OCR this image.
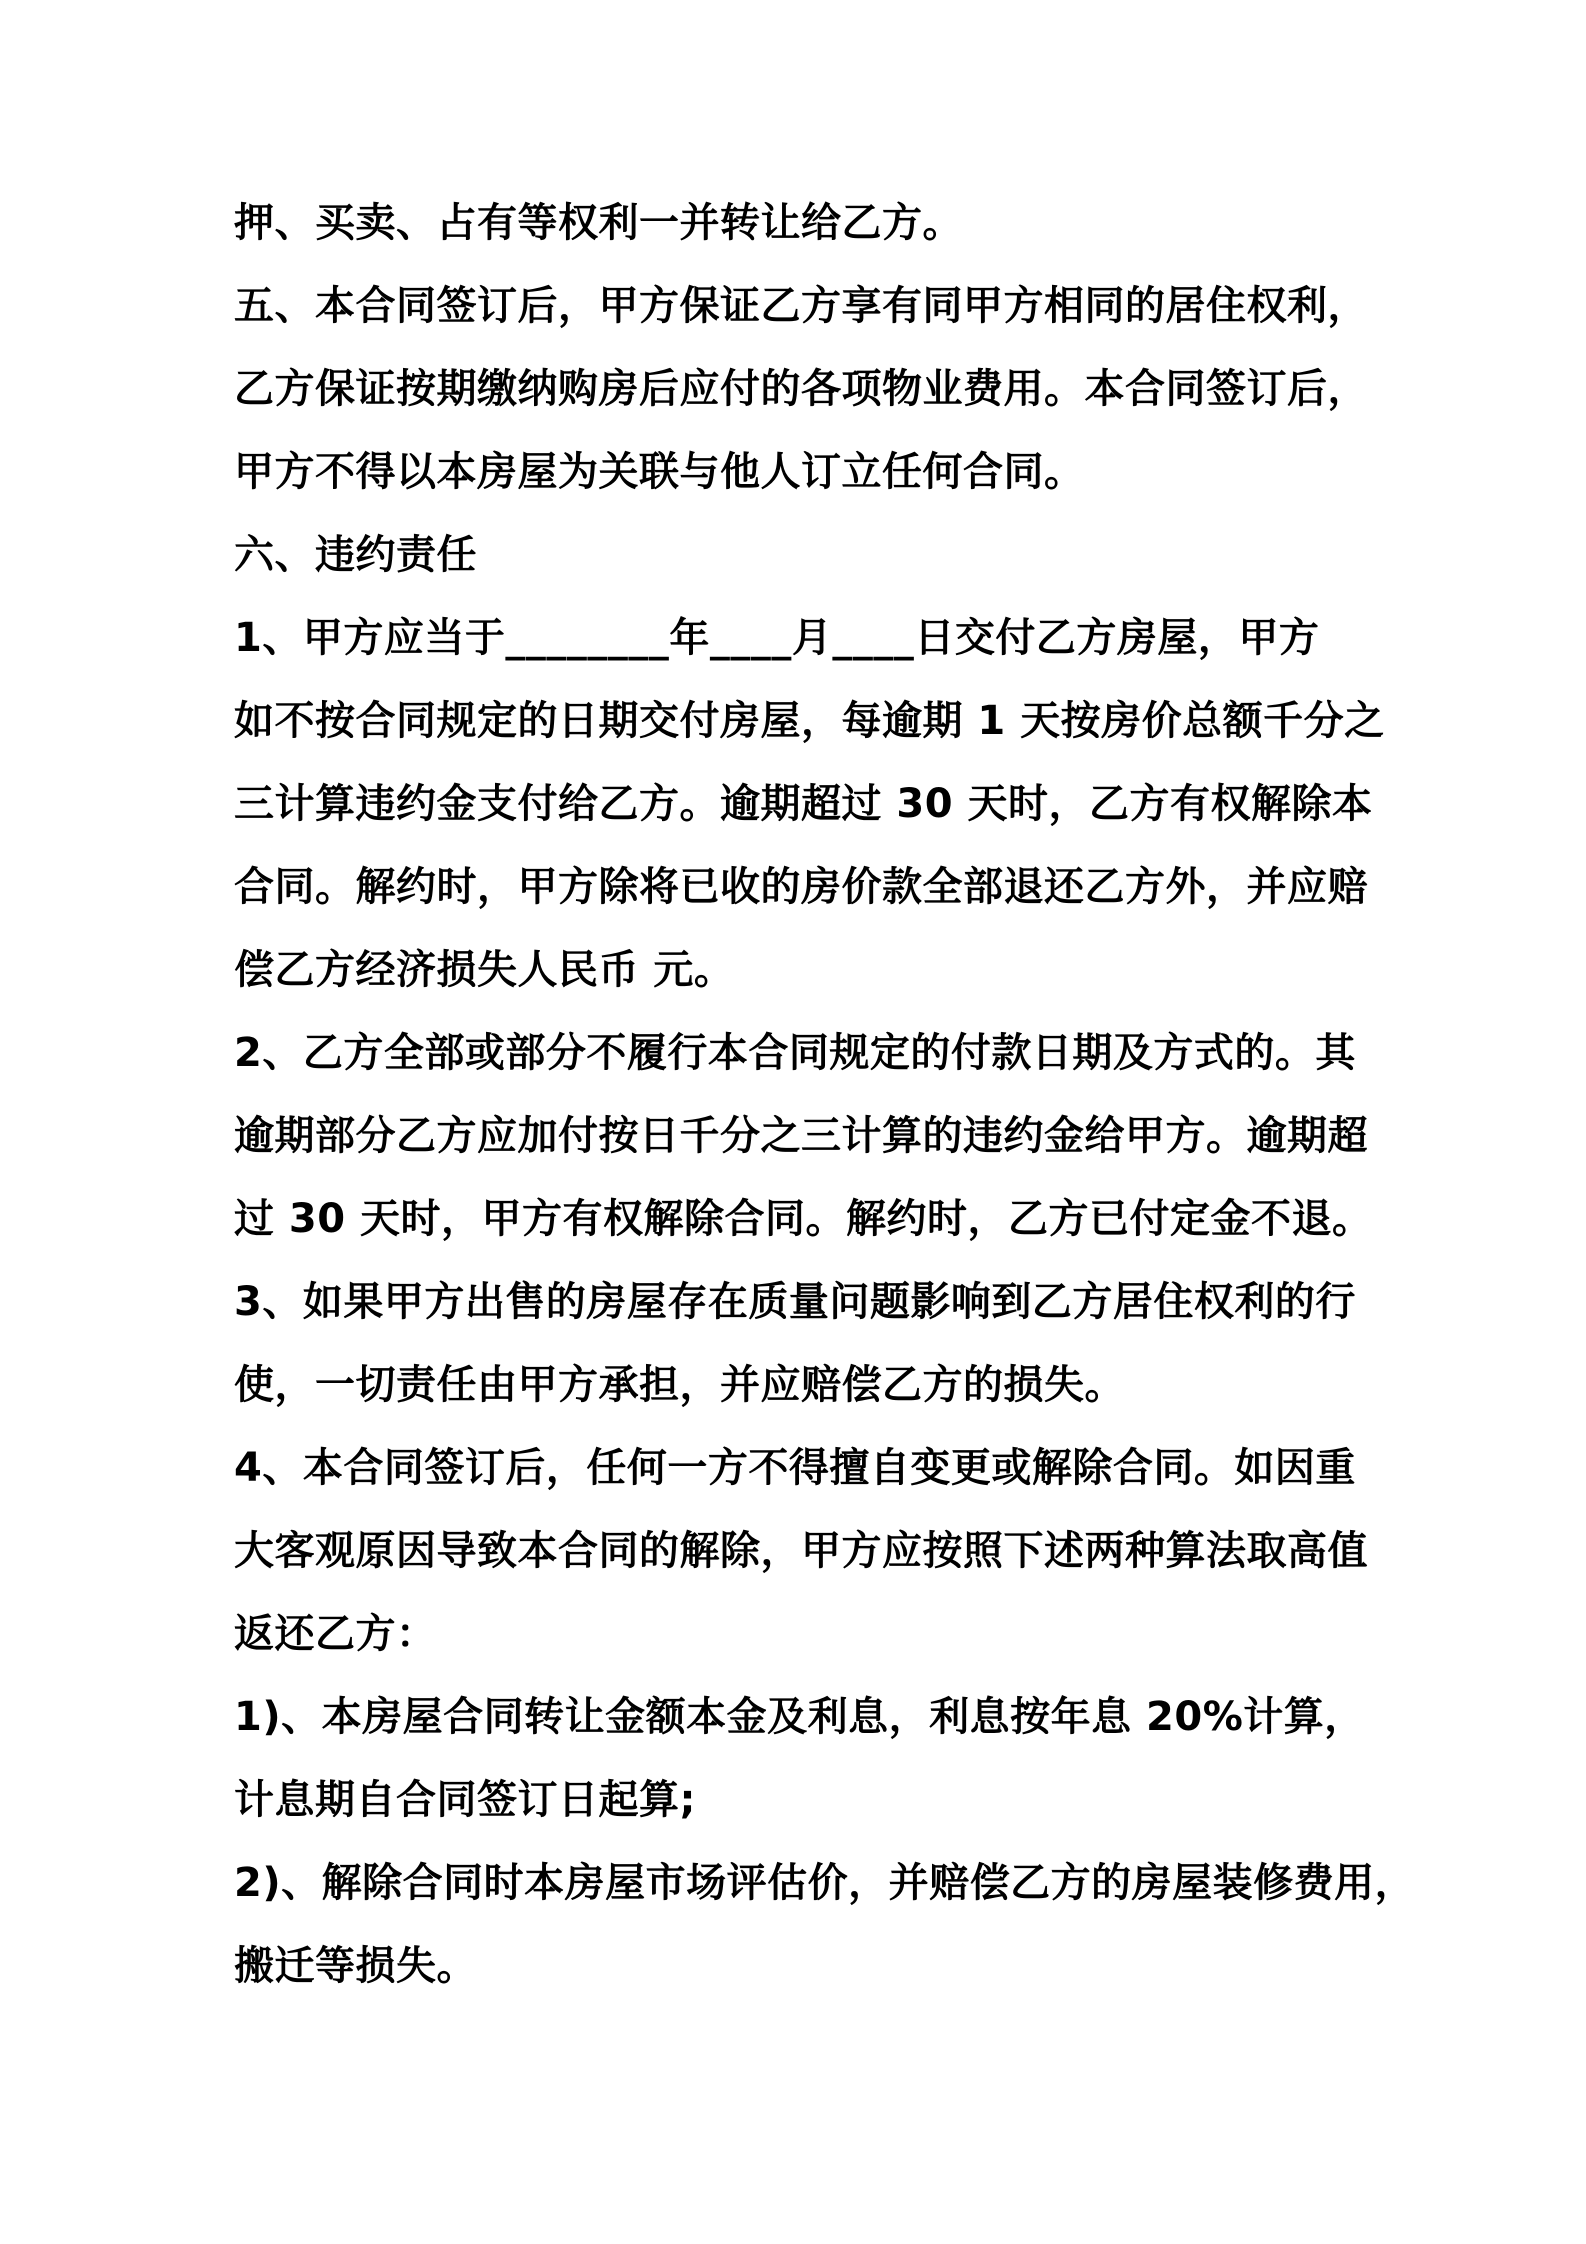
押、买卖、占有等权利一并转让给乙方。
五、本合同签订后，甲方保证乙方享有同甲方相同的居住权利，
乙方保证按期缴纳购房后应付的各项物业费用。本合同签订后，
甲方不得以本房屋为关联与他人订立任何合同。
六、违约责任
1、甲方应当于________年____月____日交付乙方房屋，甲方
如不按合同规定的日期交付房屋，每逾期 1 天按房价总额千分之
三计算违约金支付给乙方。逾期超过 30 天时，乙方有权解除本
合同。解约时，甲方除将已收的房价款全部退还乙方外，并应赔
偿乙方经济损失人民币 元。
2、乙方全部或部分不履行本合同规定的付款日期及方式的。其
逾期部分乙方应加付按日千分之三计算的违约金给甲方。逾期超
过 30 天时，甲方有权解除合同。解约时，乙方已付定金不退。
3、如果甲方出售的房屋存在质量问题影响到乙方居住权利的行
使，一切责任由甲方承担，并应赔偿乙方的损失。
4、本合同签订后，任何一方不得擅自变更或解除合同。如因重
大客观原因导致本合同的解除，甲方应按照下述两种算法取高值
返还乙方：
1)、本房屋合同转让金额本金及利息，利息按年息 20%计算，
计息期自合同签订日起算;
2)、解除合同时本房屋市场评估价，并赔偿乙方的房屋装修费用，
搬迁等损失。
